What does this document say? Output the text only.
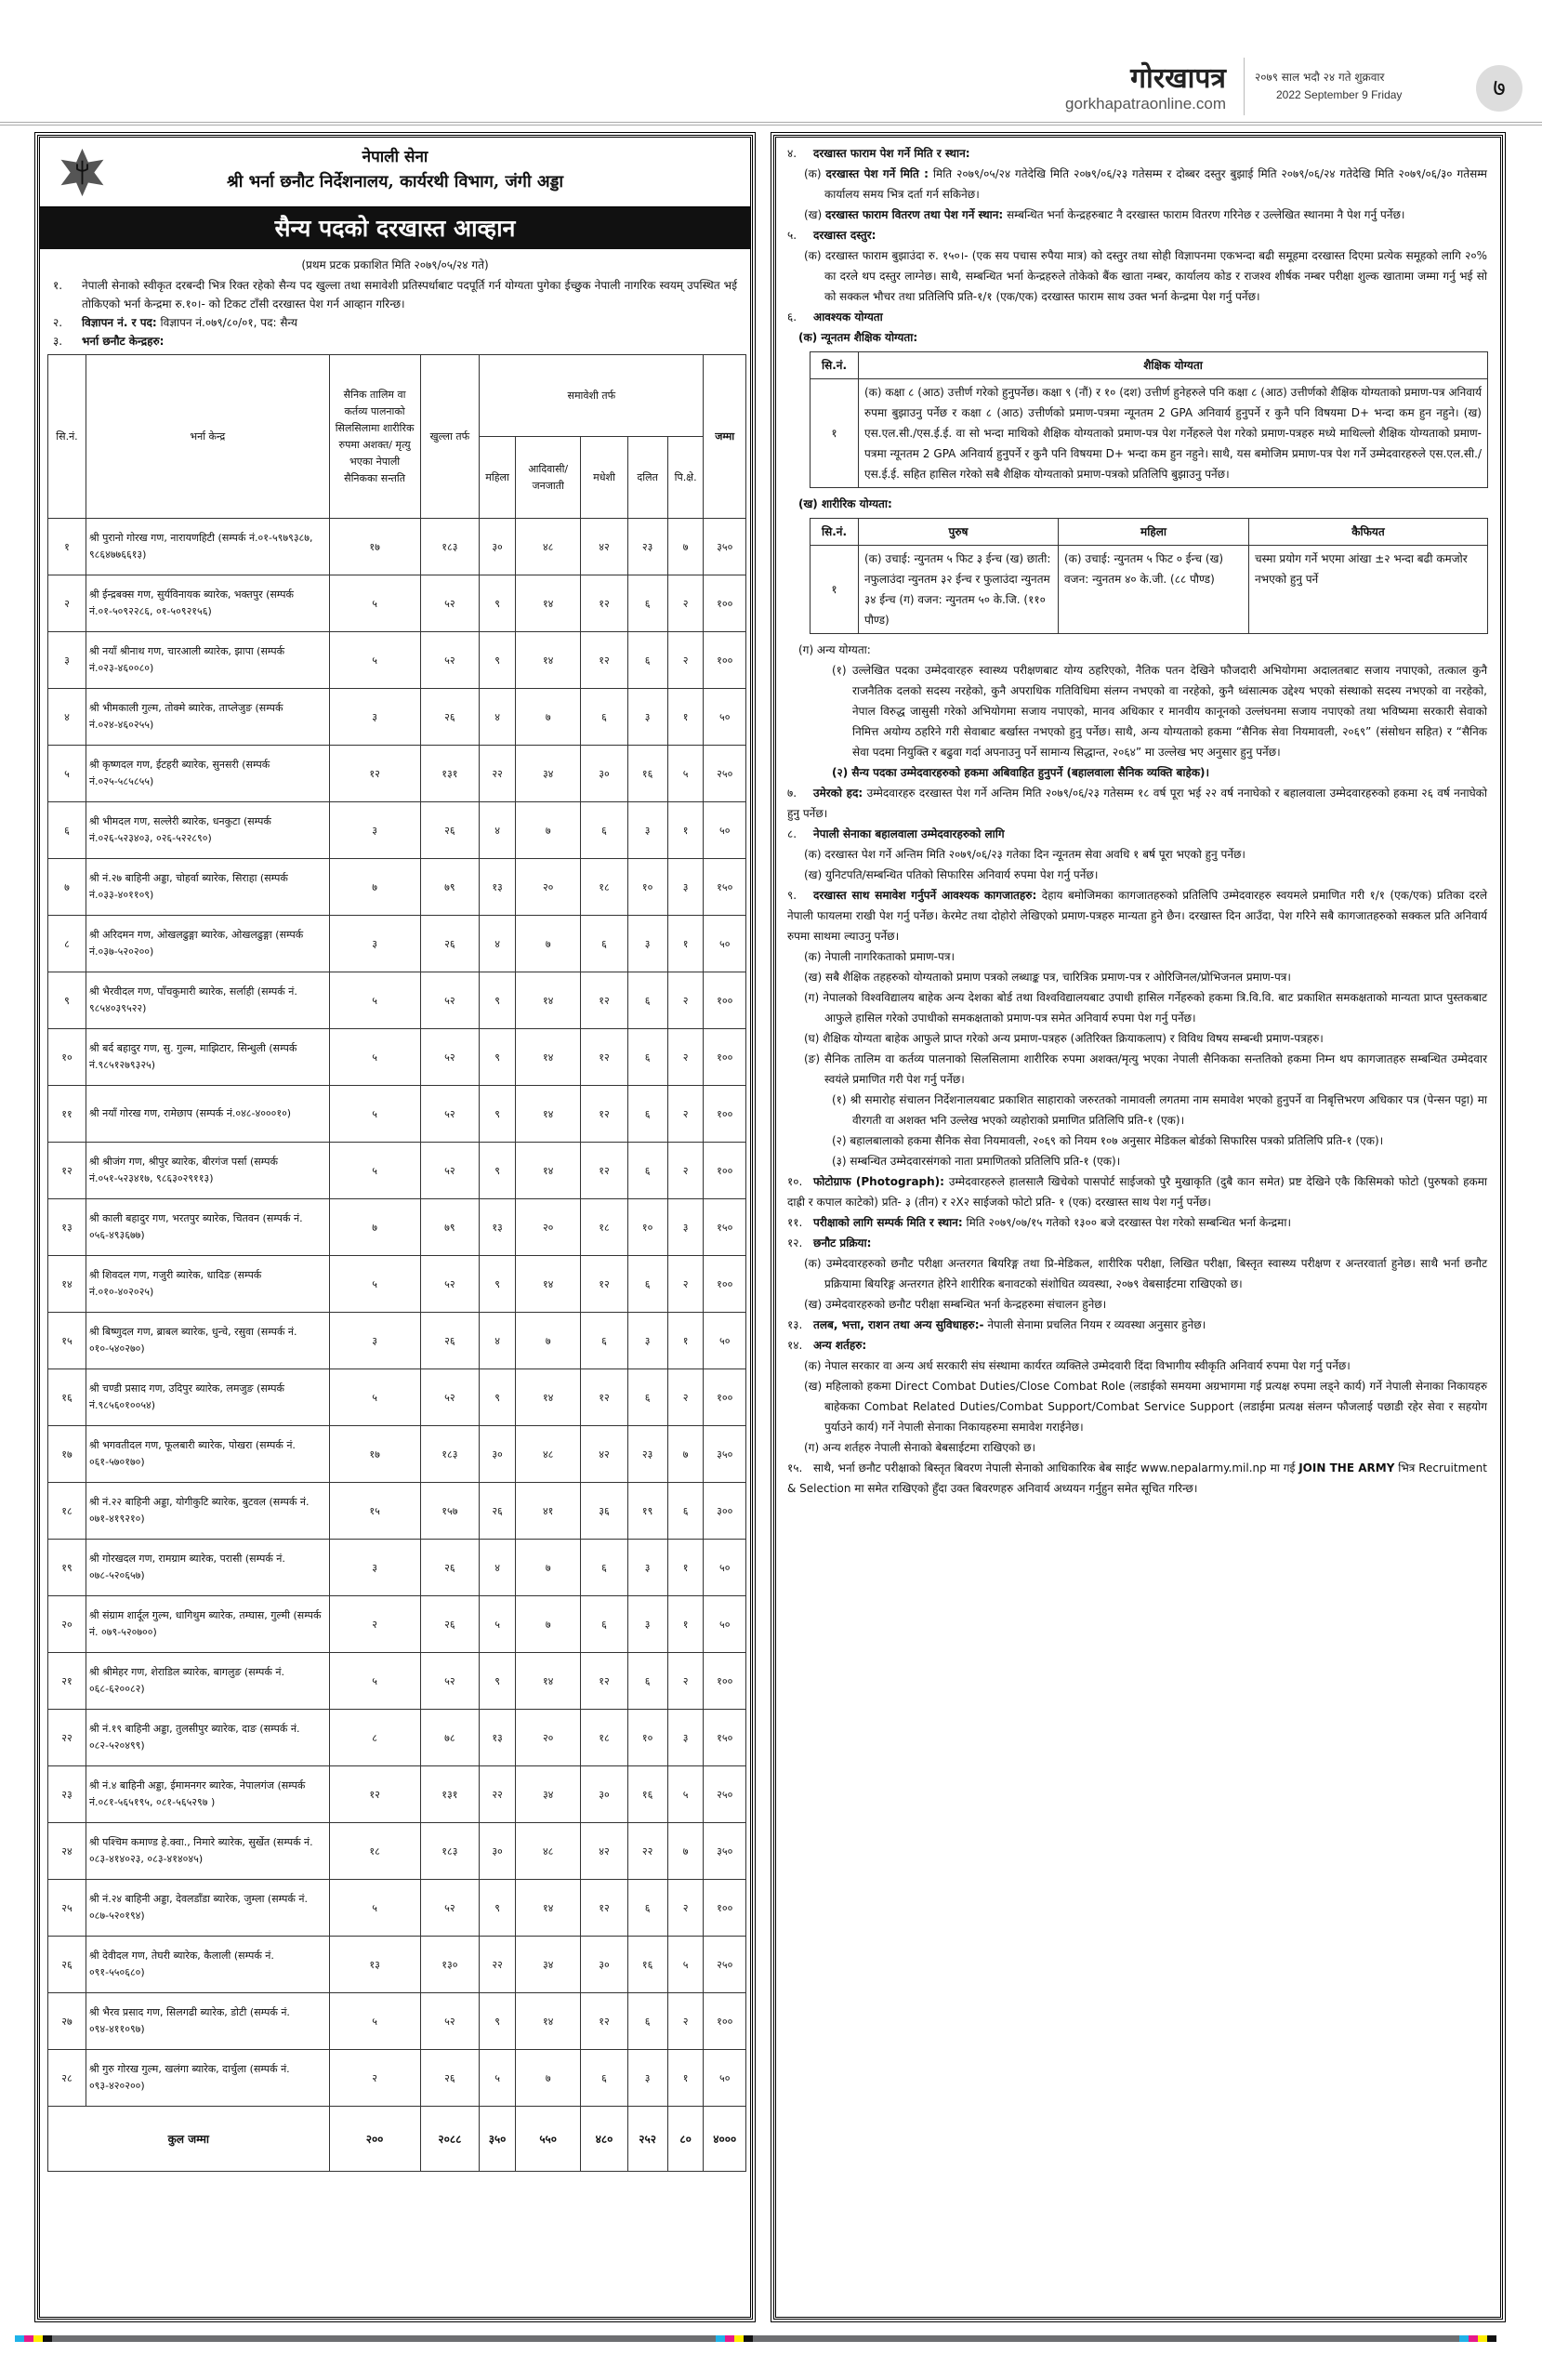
गोरखापत्र
gorkhapatraonline.com
२०७९ साल भदौ २४ गते शुक्रवार
2022 September 9 Friday	७
नेपाली सेना
श्री भर्ना छनौट निर्देशनालय, कार्यरथी विभाग, जंगी अड्डा
सैन्य पदको दरखास्त आव्हान
(प्रथम प्रटक प्रकाशित मिति २०७९/०५/२४ गते)
१. नेपाली सेनाको स्वीकृत दरबन्दी भित्र रिक्त रहेको सैन्य पद खुल्ला तथा समावेशी प्रतिस्पर्धाबाट पदपूर्ति गर्न योग्यता पुगेका ईच्छुक नेपाली नागरिक स्वयम् उपस्थित भई तोकिएको भर्ना केन्द्रमा रु.१०।- को टिकट टाँसी दरखास्त पेश गर्न आव्हान गरिन्छ।
२. विज्ञापन नं. र पद: विज्ञापन नं.०७९/८०/०१, पद: सैन्य
३. भर्ना छनौट केन्द्रहरु:
सि.नं.	भर्ना केन्द्र	सैनिक तालिम वा कर्तव्य पालनाको सिलसिलामा शारीरिक रुपमा अशक्त/ मृत्यु भएका नेपाली सैनिकका सन्तति	खुल्ला तर्फ	समावेशी तर्फ					जम्मा
				महिला	आदिवासी/ जनजाती	मधेशी	दलित	पि.क्षे.	
१	श्री पुरानो गोरख गण, नारायणहिटी (सम्पर्क नं.०१-५९७९३८७, ९८६४७७६६१३)	१७	१८३	३०	४८	४२	२३	७	३५०
२	श्री ईन्द्रबक्स गण, सुर्यविनायक ब्यारेक, भक्तपुर (सम्पर्क नं.०१-५०९२२८६, ०१-५०९२१५६)	५	५२	९	१४	१२	६	२	१००
३	श्री नयाँ श्रीनाथ गण, चारआली ब्यारेक, झापा (सम्पर्क नं.०२३-४६००८०)	५	५२	९	१४	१२	६	२	१००
४	श्री भीमकाली गुल्म, तोक्मे ब्यारेक, ताप्लेजुङ (सम्पर्क नं.०२४-४६०२५५)	३	२६	४	७	६	३	१	५०
५	श्री कृष्णदल गण, ईटहरी ब्यारेक, सुनसरी (सम्पर्क नं.०२५-५८५८५५)	१२	१३१	२२	३४	३०	१६	५	२५०
६	श्री भीमदल गण, सल्लेरी ब्यारेक, धनकुटा (सम्पर्क नं.०२६-५२३४०३, ०२६-५२२८९०)	३	२६	४	७	६	३	१	५०
७	श्री नं.२७ बाहिनी अड्डा, चोहर्वा ब्यारेक, सिराहा (सम्पर्क नं.०३३-४०११०९)	७	७९	१३	२०	१८	१०	३	१५०
८	श्री अरिदमन गण, ओखलढुङ्गा ब्यारेक, ओखलढुङ्गा (सम्पर्क नं.०३७-५२०२००)	३	२६	४	७	६	३	१	५०
९	श्री भैरवीदल गण, पाँचकुमारी ब्यारेक, सर्लाही (सम्पर्क नं. ९८५४०३९५२२)	५	५२	९	१४	१२	६	२	१००
१०	श्री बर्द बहादुर गण, सु. गुल्म, माझिटार, सिन्धुली (सम्पर्क नं.९८५१२७९३२५)	५	५२	९	१४	१२	६	२	१००
११	श्री नयाँ गोरख गण, रामेछाप (सम्पर्क नं.०४८-४०००१०)	५	५२	९	१४	१२	६	२	१००
१२	श्री श्रीजंग गण, श्रीपुर ब्यारेक, बीरगंज पर्सा (सम्पर्क नं.०५१-५२३४१७, ९८६३०२९११३)	५	५२	९	१४	१२	६	२	१००
१३	श्री काली बहादुर गण, भरतपुर ब्यारेक, चितवन (सम्पर्क नं. ०५६-४९३६७७)	७	७९	१३	२०	१८	१०	३	१५०
१४	श्री शिवदल गण, गजुरी ब्यारेक, धादिङ (सम्पर्क नं.०१०-४०२०२५)	५	५२	९	१४	१२	६	२	१००
१५	श्री बिष्णुदल गण, ब्राबल ब्यारेक, धुन्चे, रसुवा (सम्पर्क नं. ०१०-५४०२७०)	३	२६	४	७	६	३	१	५०
१६	श्री चण्डी प्रसाद गण, उदिपुर ब्यारेक, लमजुङ (सम्पर्क नं.९८५६०१००५४)	५	५२	९	१४	१२	६	२	१००
१७	श्री भगवतीदल गण, फूलबारी ब्यारेक, पोखरा (सम्पर्क नं. ०६१-५७०१७०)	१७	१८३	३०	४८	४२	२३	७	३५०
१८	श्री नं.२२ बाहिनी अड्डा, योगीकुटि ब्यारेक, बुटवल (सम्पर्क नं. ०७१-४१९२१०)	१५	१५७	२६	४१	३६	१९	६	३००
१९	श्री गोरखदल गण, रामग्राम ब्यारेक, परासी (सम्पर्क नं. ०७८-५२०६५७)	३	२६	४	७	६	३	१	५०
२०	श्री संग्राम शार्दूल गुल्म, धागिथुम ब्यारेक, तम्घास, गुल्मी (सम्पर्क नं. ०७९-५२०७००)	२	२६	५	७	६	३	१	५०
२१	श्री श्रीमेहर गण, शेराडिल ब्यारेक, बागलुङ (सम्पर्क नं. ०६८-६२००८२)	५	५२	९	१४	१२	६	२	१००
२२	श्री नं.१९ बाहिनी अड्डा, तुलसीपुर ब्यारेक, दाङ (सम्पर्क नं. ०८२-५२०४९९)	८	७८	१३	२०	१८	१०	३	१५०
२३	श्री नं.४ बाहिनी अड्डा, ईमामनगर ब्यारेक, नेपालगंज (सम्पर्क नं.०८१-५६५१९५, ०८१-५६५२९७ )	१२	१३१	२२	३४	३०	१६	५	२५०
२४	श्री पश्चिम कमाण्ड हे.क्वा., निमारे ब्यारेक, सुर्खेत (सम्पर्क नं. ०८३-४१४०२३, ०८३-४१४०४५)	१८	१८३	३०	४८	४२	२२	७	३५०
२५	श्री नं.२४ बाहिनी अड्डा, देवलडाँडा ब्यारेक, जुम्ला (सम्पर्क नं. ०८७-५२०१९४)	५	५२	९	१४	१२	६	२	१००
२६	श्री देवीदल गण, तेघरी ब्यारेक, कैलाली (सम्पर्क नं. ०९१-५५०६८०)	१३	१३०	२२	३४	३०	१६	५	२५०
२७	श्री भैरव प्रसाद गण, सिलगढी ब्यारेक, डोटी (सम्पर्क नं. ०९४-४११०९७)	५	५२	९	१४	१२	६	२	१००
२८	श्री गुरु गोरख गुल्म, खलंगा ब्यारेक, दार्चुला (सम्पर्क नं. ०९३-४२०२००)	२	२६	५	७	६	३	१	५०
कुल जम्मा		२००	२०८८	३५०	५५०	४८०	२५२	८०	४०००
४. दरखास्त फाराम पेश गर्ने मिति र स्थान:
(क) दरखास्त पेश गर्ने मिति : मिति २०७९/०५/२४ गतेदेखि मिति २०७९/०६/२३ गतेसम्म र दोब्बर दस्तुर बुझाई मिति २०७९/०६/२४ गतेदेखि मिति २०७९/०६/३० गतेसम्म कार्यालय समय भित्र दर्ता गर्न सकिनेछ।
(ख) दरखास्त फाराम वितरण तथा पेश गर्ने स्थान: सम्बन्धित भर्ना केन्द्रहरुबाट नै दरखास्त फाराम वितरण गरिनेछ र उल्लेखित स्थानमा नै पेश गर्नु पर्नेछ।
५. दरखास्त दस्तुर:
(क) दरखास्त फाराम बुझाउंदा रु. १५०।- (एक सय पचास रुपैया मात्र) को दस्तुर तथा सोही विज्ञापनमा एकभन्दा बढी समूहमा दरखास्त दिएमा प्रत्येक समूहको लागि २०% का दरले थप दस्तुर लाग्नेछ। साथै, सम्बन्धित भर्ना केन्द्रहरुले तोकेको बैंक खाता नम्बर, कार्यालय कोड र राजश्व शीर्षक नम्बर परीक्षा शुल्क खातामा जम्मा गर्नु भई सो को सक्कल भौचर तथा प्रतिलिपि प्रति-१/१ (एक/एक) दरखास्त फाराम साथ उक्त भर्ना केन्द्रमा पेश गर्नु पर्नेछ।
६. आवश्यक योग्यता
(क) न्यूनतम शैक्षिक योग्यता:
सि.नं.	शैक्षिक योग्यता
१	(क) कक्षा ८ (आठ) उत्तीर्ण गरेको हुनुपर्नेछ। कक्षा ९ (नौं) र १० (दश) उत्तीर्ण हुनेहरुले पनि कक्षा ८ (आठ) उत्तीर्णको शैक्षिक योग्यताको प्रमाण-पत्र अनिवार्य रुपमा बुझाउनु पर्नेछ र कक्षा ८ (आठ) उत्तीर्णको प्रमाण-पत्रमा न्यूनतम 2 GPA अनिवार्य हुनुपर्ने र कुनै पनि विषयमा D+ भन्दा कम हुन नहुने। (ख) एस.एल.सी./एस.ई.ई. वा सो भन्दा माथिको शैक्षिक योग्यताको प्रमाण-पत्र पेश गर्नेहरुले पेश गरेको प्रमाण-पत्रहरु मध्ये माथिल्लो शैक्षिक योग्यताको प्रमाण-पत्रमा न्यूनतम 2 GPA अनिवार्य हुनुपर्ने र कुनै पनि विषयमा D+ भन्दा कम हुन नहुने। साथै, यस बमोजिम प्रमाण-पत्र पेश गर्ने उम्मेदवारहरुले एस.एल.सी./एस.ई.ई. सहित हासिल गरेको सबै शैक्षिक योग्यताको प्रमाण-पत्रको प्रतिलिपि बुझाउनु पर्नेछ।
(ख) शारीरिक योग्यता:
सि.नं.	पुरुष	महिला	कैफियत
१	(क) उचाई: न्युनतम ५ फिट ३ ईन्च (ख) छाती: नफुलाउंदा न्युनतम ३२ ईन्च र फुलाउंदा न्युनतम ३४ ईन्च (ग) वजन: न्युनतम ५० के.जि. (११० पौण्ड)	(क) उचाई: न्युनतम ५ फिट ० ईन्च (ख) वजन: न्युनतम ४० के.जी. (८८ पौण्ड)	चस्मा प्रयोग गर्ने भएमा आंखा ±२ भन्दा बढी कमजोर नभएको हुनु पर्ने
(ग) अन्य योग्यता:
(१) उल्लेखित पदका उम्मेदवारहरु स्वास्थ्य परीक्षणबाट योग्य ठहरिएको, नैतिक पतन देखिने फौजदारी अभियोगमा अदालतबाट सजाय नपाएको, तत्काल कुनै राजनैतिक दलको सदस्य नरहेको, कुनै अपराधिक गतिविधिमा संलग्न नभएको वा नरहेको, कुनै ध्वंसात्मक उद्देश्य भएको संस्थाको सदस्य नभएको वा नरहेको, नेपाल विरुद्ध जासुसी गरेको अभियोगमा सजाय नपाएको, मानव अधिकार र मानवीय कानूनको उल्लंघनमा सजाय नपाएको तथा भविष्यमा सरकारी सेवाको निमित्त अयोग्य ठहरिने गरी सेवाबाट बर्खास्त नभएको हुनु पर्नेछ। साथै, अन्य योग्यताको हकमा “सैनिक सेवा नियमावली, २०६९” (संसोधन सहित) र “सैनिक सेवा पदमा नियुक्ति र बढुवा गर्दा अपनाउनु पर्ने सामान्य सिद्धान्त, २०६४” मा उल्लेख भए अनुसार हुनु पर्नेछ।
(२) सैन्य पदका उम्मेदवारहरुको हकमा अबिवाहित हुनुपर्ने (बहालवाला सैनिक व्यक्ति बाहेक)।
७. उमेरको हद: उम्मेदवारहरु दरखास्त पेश गर्ने अन्तिम मिति २०७९/०६/२३ गतेसम्म १८ वर्ष पूरा भई २२ वर्ष ननाघेको र बहालवाला उम्मेदवारहरुको हकमा २६ वर्ष ननाघेको हुनु पर्नेछ।
८. नेपाली सेनाका बहालवाला उम्मेदवारहरुको लागि
(क) दरखास्त पेश गर्ने अन्तिम मिति २०७९/०६/२३ गतेका दिन न्यूनतम सेवा अवधि १ बर्ष पूरा भएको हुनु पर्नेछ।
(ख) युनिटपति/सम्बन्धित पतिको सिफारिस अनिवार्य रुपमा पेश गर्नु पर्नेछ।
९. दरखास्त साथ समावेश गर्नुपर्ने आवश्यक कागजातहरु: देहाय बमोजिमका कागजातहरुको प्रतिलिपि उम्मेदवारहरु स्वयमले प्रमाणित गरी १/१ (एक/एक) प्रतिका दरले नेपाली फायलमा राखी पेश गर्नु पर्नेछ। केरमेट तथा दोहोरो लेखिएको प्रमाण-पत्रहरु मान्यता हुने छैन। दरखास्त दिन आउँदा, पेश गरिने सबै कागजातहरुको सक्कल प्रति अनिवार्य रुपमा साथमा ल्याउनु पर्नेछ।
(क) नेपाली नागरिकताको प्रमाण-पत्र।
(ख) सबै शैक्षिक तहहरुको योग्यताको प्रमाण पत्रको लब्धाङ्क पत्र, चारित्रिक प्रमाण-पत्र र ओरिजिनल/प्रोभिजनल प्रमाण-पत्र।
(ग) नेपालको विश्वविद्यालय बाहेक अन्य देशका बोर्ड तथा विश्वविद्यालयबाट उपाधी हासिल गर्नेहरुको हकमा त्रि.वि.वि. बाट प्रकाशित समकक्षताको मान्यता प्राप्त पुस्तकबाट आफुले हासिल गरेको उपाधीको समकक्षताको प्रमाण-पत्र समेत अनिवार्य रुपमा पेश गर्नु पर्नेछ।
(घ) शैक्षिक योग्यता बाहेक आफुले प्राप्त गरेको अन्य प्रमाण-पत्रहरु (अतिरिक्त क्रियाकलाप) र विविध विषय सम्बन्धी प्रमाण-पत्रहरु।
(ङ) सैनिक तालिम वा कर्तव्य पालनाको सिलसिलामा शारीरिक रुपमा अशक्त/मृत्यु भएका नेपाली सैनिकका सन्ततिको हकमा निम्न थप कागजातहरु सम्बन्धित उम्मेदवार स्वयंले प्रमाणित गरी पेश गर्नु पर्नेछ।
(१) श्री समारोह संचालन निर्देशनालयबाट प्रकाशित साहाराको जरुरतको नामावली लगतमा नाम समावेश भएको हुनुपर्ने वा निबृत्तिभरण अधिकार पत्र (पेन्सन पट्टा) मा वीरगती वा अशक्त भनि उल्लेख भएको व्यहोराको प्रमाणित प्रतिलिपि प्रति-१ (एक)।
(२) बहालबालाको हकमा सैनिक सेवा नियमावली, २०६९ को नियम १०७ अनुसार मेडिकल बोर्डको सिफारिस पत्रको प्रतिलिपि प्रति-१ (एक)।
(३) सम्बन्धित उम्मेदवारसंगको नाता प्रमाणितको प्रतिलिपि प्रति-१ (एक)।
१०. फोटोग्राफ (Photograph): उम्मेदवारहरुले हालसालै खिचेको पासपोर्ट साईजको पुरै मुखाकृति (दुबै कान समेत) प्रष्ट देखिने एकै किसिमको फोटो (पुरुषको हकमा दाह्री र कपाल काटेको) प्रति- ३ (तीन) र २X२ साईजको फोटो प्रति- १ (एक) दरखास्त साथ पेश गर्नु पर्नेछ।
११. परीक्षाको लागि सम्पर्क मिति र स्थान: मिति २०७९/०७/१५ गतेको १३०० बजे दरखास्त पेश गरेको सम्बन्धित भर्ना केन्द्रमा।
१२. छनौट प्रक्रिया:
(क) उम्मेदवारहरुको छनौट परीक्षा अन्तरगत बियरिङ्ग तथा प्रि-मेडिकल, शारीरिक परीक्षा, लिखित परीक्षा, बिस्तृत स्वास्थ्य परीक्षण र अन्तरवार्ता हुनेछ। साथै भर्ना छनौट प्रक्रियामा बियरिङ्ग अन्तरगत हेरिने शारीरिक बनावटको संशोधित व्यवस्था, २०७९ वेबसाईटमा राखिएको छ।
(ख) उम्मेदवारहरुको छनौट परीक्षा सम्बन्धित भर्ना केन्द्रहरुमा संचालन हुनेछ।
१३. तलब, भत्ता, राशन तथा अन्य सुविधाहरु:- नेपाली सेनामा प्रचलित नियम र व्यवस्था अनुसार हुनेछ।
१४. अन्य शर्तहरु:
(क) नेपाल सरकार वा अन्य अर्ध सरकारी संघ संस्थामा कार्यरत व्यक्तिले उम्मेदवारी दिंदा विभागीय स्वीकृति अनिवार्य रुपमा पेश गर्नु पर्नेछ।
(ख) महिलाको हकमा Direct Combat Duties/Close Combat Role (लडाईको समयमा अग्रभागमा गई प्रत्यक्ष रुपमा लड्ने कार्य) गर्ने नेपाली सेनाका निकायहरु बाहेकका Combat Related Duties/Combat Support/Combat Service Support (लडाईमा प्रत्यक्ष संलग्न फौजलाई पछाडी रहेर सेवा र सहयोग पुर्याउने कार्य) गर्ने नेपाली सेनाका निकायहरुमा समावेश गराईनेछ।
(ग) अन्य शर्तहरु नेपाली सेनाको बेबसाईटमा राखिएको छ।
१५. साथै, भर्ना छनौट परीक्षाको बिस्तृत बिवरण नेपाली सेनाको आधिकारिक बेब साईट www.nepalarmy.mil.np मा गई JOIN THE ARMY भित्र Recruitment & Selection मा समेत राखिएको हुँदा उक्त बिवरणहरु अनिवार्य अध्ययन गर्नुहुन समेत सूचित गरिन्छ।
